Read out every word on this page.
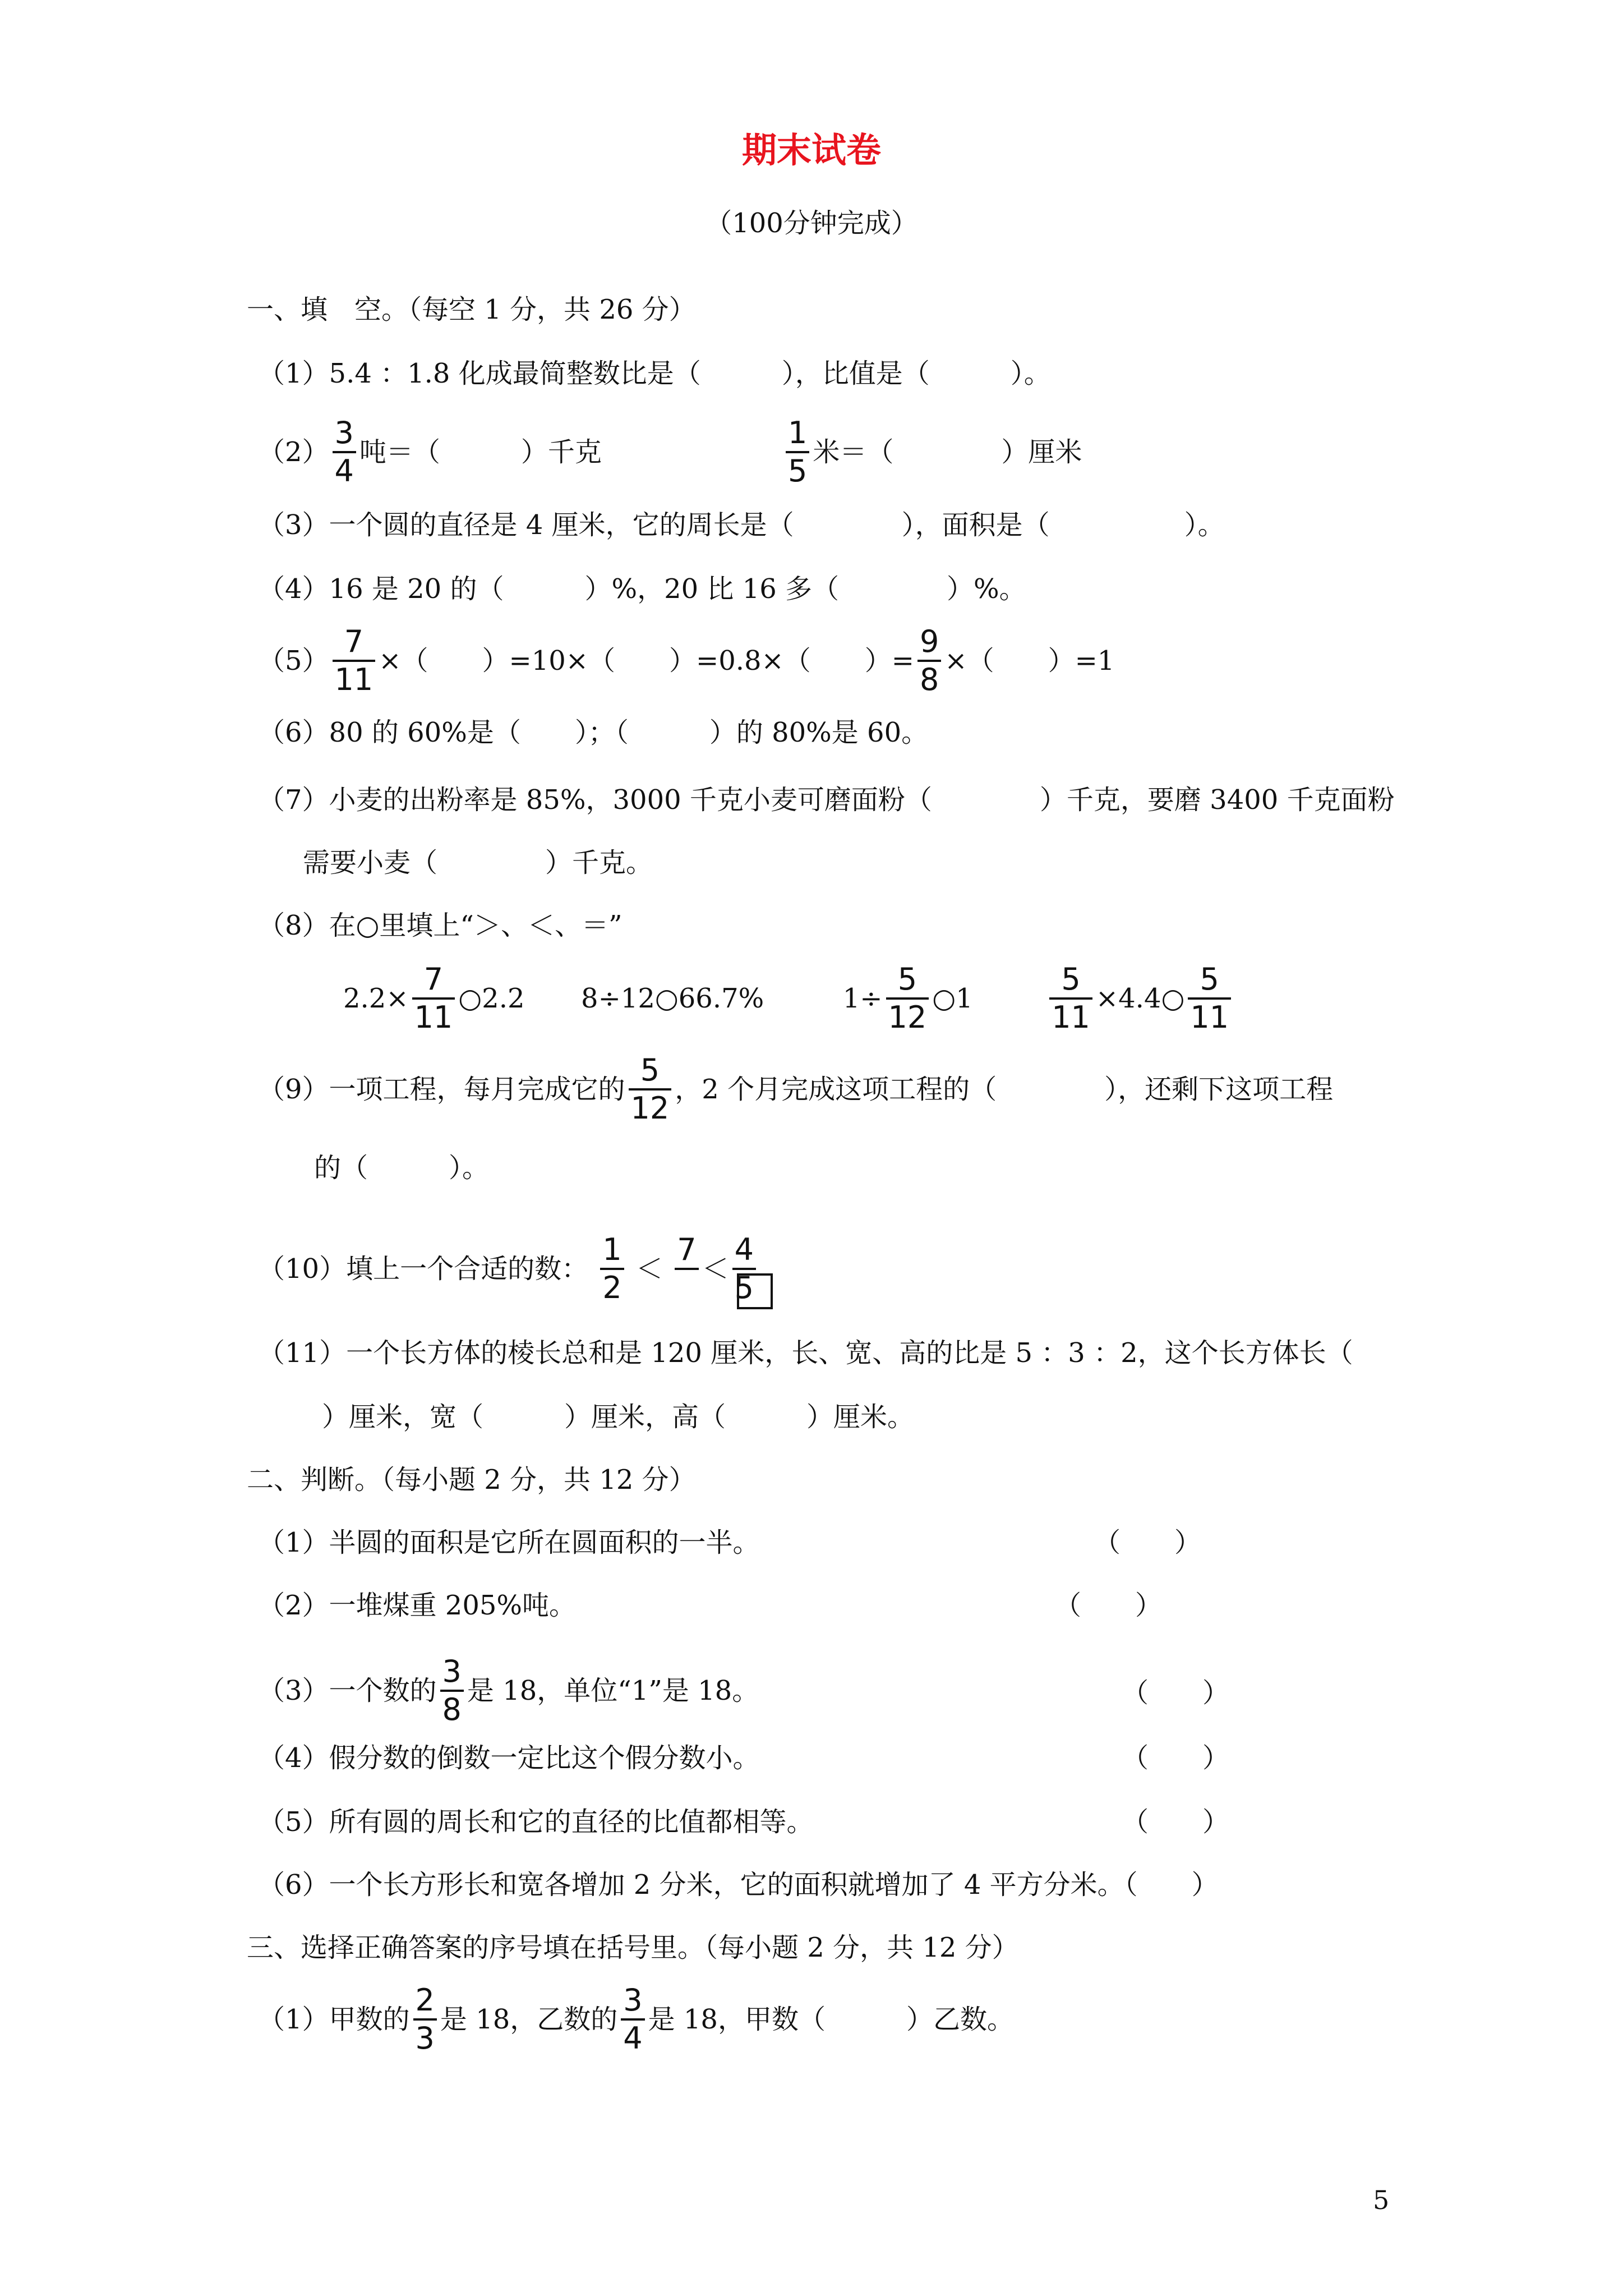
期末试卷
（100分钟完成）
一、填　空。（每空 1 分，共 26 分）
（1）5.4 ：1.8 化成最简整数比是（　　　），比值是（　　　）。
$(2) \frac{3}{4}$ 吨＝（　　　）千克	$\frac{1}{5}$ 米＝（　　　　）厘米
（3）一个圆的直径是 4 厘米，它的周长是（　　　　），面积是（　　　　　）。
（4）16 是 20 的（　　　）%，20 比 16 多（　　　　）%。
$(5) \frac{7}{11}$ ×（　　）=10×（　　）=0.8×（　　）= $\frac{9}{8}$ ×（　　）=1
（6）80 的 60%是（　　）；（　　　）的 80%是 60。
（7）小麦的出粉率是 85%，3000 千克小麦可磨面粉（　　　　）千克，要磨 3400 千克面粉
需要小麦（　　　　）千克。
（8）在○里填上“＞、＜、＝”
$2.2\times \frac{7}{11}$ ○2.2 8÷12○66.7%	$1\div \frac{5}{12}$ ○1	$\frac{5}{11}$ ×4.4○ $\frac{5}{11}$
（9）一项工程，每月完成它的 $\frac{5}{12}$ ，2 个月完成这项工程的（　　　　），还剩下这项工程
的（　　　）。
（10）填上一个合适的数： $\frac{1}{2}$ ＜
7
＜ $\frac{4}{5}$
（11）一个长方体的棱长总和是 120 厘米，长、宽、高的比是 5 ：3 ：2，这个长方体长（
）厘米，宽（　　　）厘米，高（　　　）厘米。
二、判断。（每小题 2 分，共 12 分）
（1）半圆的面积是它所在圆面积的一半。	（　　）
（2）一堆煤重 205%吨。	（　　）
（3）一个数的 $\frac{3}{8}$ 是 18，单位“1”是 18。	（　　）
（4）假分数的倒数一定比这个假分数小。	（　　）
（5）所有圆的周长和它的直径的比值都相等。	（　　）
（6）一个长方形长和宽各增加 2 分米，它的面积就增加了 4 平方分米。（　　）
三、选择正确答案的序号填在括号里。（每小题 2 分，共 12 分）
（1）甲数的 $\frac{2}{3}$ 是 18，乙数的 $\frac{3}{4}$ 是 18，甲数（　　　）乙数。
5
